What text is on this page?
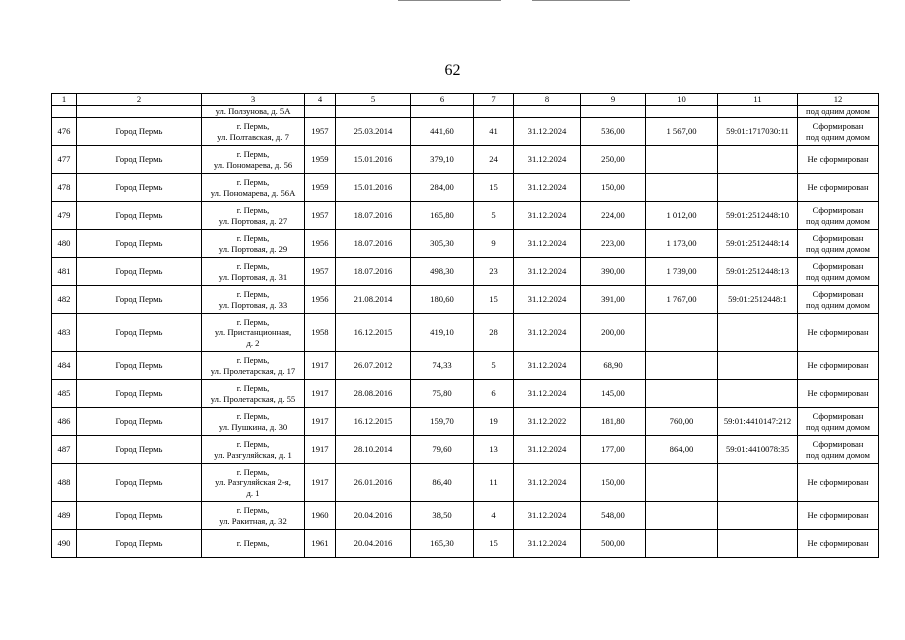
62
1	2	3	4	5	6	7	8	9	10	11	12
		ул. Ползунова, д. 5А									под одним домом
476	Город Пермь	г. Пермь,
ул. Полтавская, д. 7	1957	25.03.2014	441,60	41	31.12.2024	536,00	1 567,00	59:01:1717030:11	Сформирован
под одним домом
477	Город Пермь	г. Пермь,
ул. Пономарева, д. 56	1959	15.01.2016	379,10	24	31.12.2024	250,00			Не сформирован
478	Город Пермь	г. Пермь,
ул. Пономарева, д. 56А	1959	15.01.2016	284,00	15	31.12.2024	150,00			Не сформирован
479	Город Пермь	г. Пермь,
ул. Портовая, д. 27	1957	18.07.2016	165,80	5	31.12.2024	224,00	1 012,00	59:01:2512448:10	Сформирован
под одним домом
480	Город Пермь	г. Пермь,
ул. Портовая, д. 29	1956	18.07.2016	305,30	9	31.12.2024	223,00	1 173,00	59:01:2512448:14	Сформирован
под одним домом
481	Город Пермь	г. Пермь,
ул. Портовая, д. 31	1957	18.07.2016	498,30	23	31.12.2024	390,00	1 739,00	59:01:2512448:13	Сформирован
под одним домом
482	Город Пермь	г. Пермь,
ул. Портовая, д. 33	1956	21.08.2014	180,60	15	31.12.2024	391,00	1 767,00	59:01:2512448:1	Сформирован
под одним домом
483	Город Пермь	г. Пермь,
ул. Пристанционная,
д. 2	1958	16.12.2015	419,10	28	31.12.2024	200,00			Не сформирован
484	Город Пермь	г. Пермь,
ул. Пролетарская, д. 17	1917	26.07.2012	74,33	5	31.12.2024	68,90			Не сформирован
485	Город Пермь	г. Пермь,
ул. Пролетарская, д. 55	1917	28.08.2016	75,80	6	31.12.2024	145,00			Не сформирован
486	Город Пермь	г. Пермь,
ул. Пушкина, д. 30	1917	16.12.2015	159,70	19	31.12.2022	181,80	760,00	59:01:4410147:212	Сформирован
под одним домом
487	Город Пермь	г. Пермь,
ул. Разгуляйская, д. 1	1917	28.10.2014	79,60	13	31.12.2024	177,00	864,00	59:01:4410078:35	Сформирован
под одним домом
488	Город Пермь	г. Пермь,
ул. Разгуляйская 2-я,
д. 1	1917	26.01.2016	86,40	11	31.12.2024	150,00			Не сформирован
489	Город Пермь	г. Пермь,
ул. Ракитная, д. 32	1960	20.04.2016	38,50	4	31.12.2024	548,00			Не сформирован
490	Город Пермь	г. Пермь,	1961	20.04.2016	165,30	15	31.12.2024	500,00			Не сформирован
